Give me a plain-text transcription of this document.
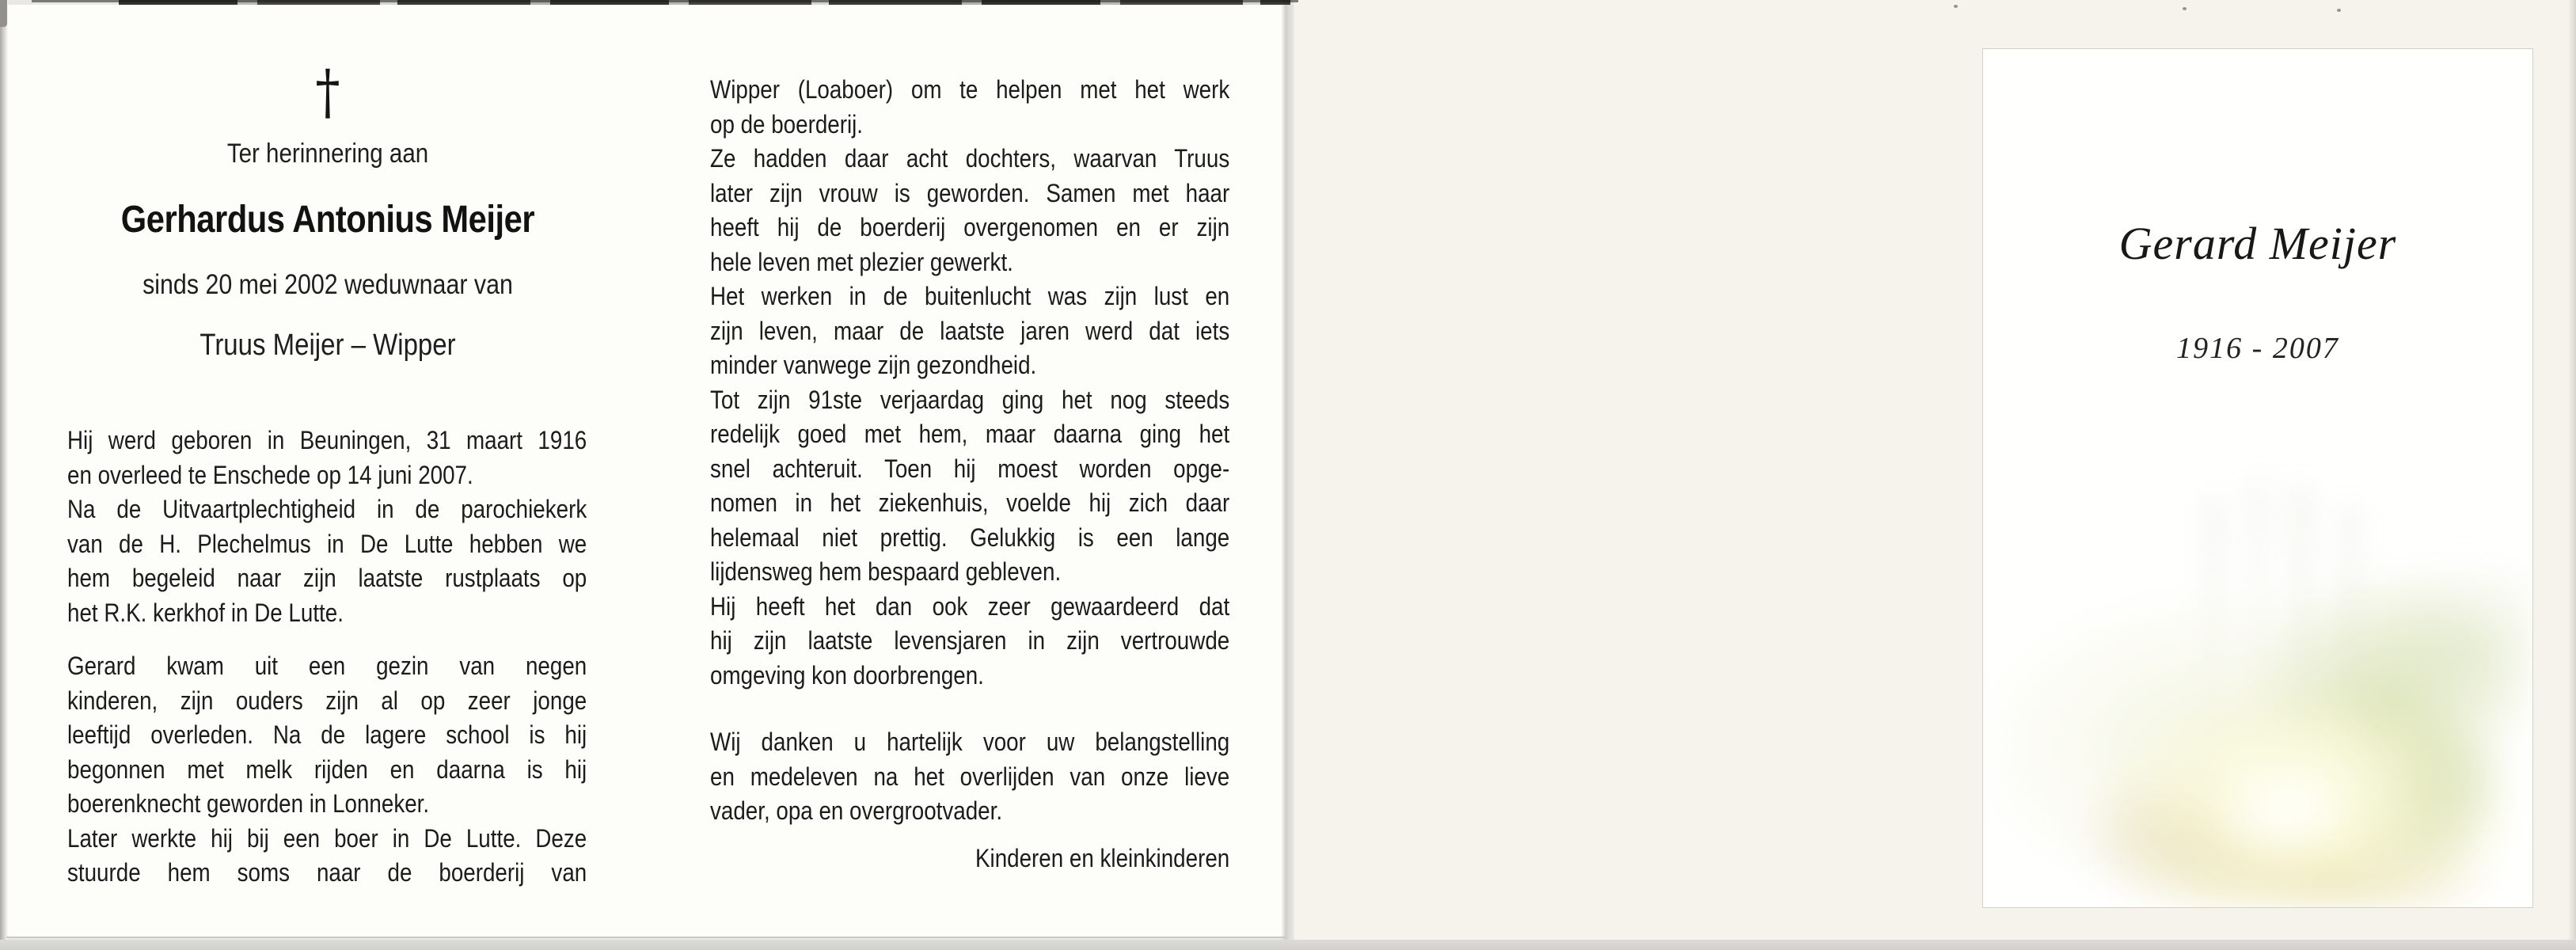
†
Ter herinnering aan
Gerhardus Antonius Meijer
sinds 20 mei 2002 weduwnaar van
Truus Meijer – Wipper
Hij werd geboren in Beuningen, 31 maart 1916
en overleed te Enschede op 14 juni 2007.
Na de Uitvaartplechtigheid in de parochiekerk
van de H. Plechelmus in De Lutte hebben we
hem begeleid naar zijn laatste rustplaats op
het R.K. kerkhof in De Lutte.
Gerard kwam uit een gezin van negen
kinderen, zijn ouders zijn al op zeer jonge
leeftijd overleden. Na de lagere school is hij
begonnen met melk rijden en daarna is hij
boerenknecht geworden in Lonneker.
Later werkte hij bij een boer in De Lutte. Deze
stuurde hem soms naar de boerderij van
Wipper (Loaboer) om te helpen met het werk
op de boerderij.
Ze hadden daar acht dochters, waarvan Truus
later zijn vrouw is geworden. Samen met haar
heeft hij de boerderij overgenomen en er zijn
hele leven met plezier gewerkt.
Het werken in de buitenlucht was zijn lust en
zijn leven, maar de laatste jaren werd dat iets
minder vanwege zijn gezondheid.
Tot zijn 91ste verjaardag ging het nog steeds
redelijk goed met hem, maar daarna ging het
snel achteruit. Toen hij moest worden opge-
nomen in het ziekenhuis, voelde hij zich daar
helemaal niet prettig. Gelukkig is een lange
lijdensweg hem bespaard gebleven.
Hij heeft het dan ook zeer gewaardeerd dat
hij zijn laatste levensjaren in zijn vertrouwde
omgeving kon doorbrengen.
Wij danken u hartelijk voor uw belangstelling
en medeleven na het overlijden van onze lieve
vader, opa en overgrootvader.
Kinderen en kleinkinderen
Gerard Meijer
1916 - 2007
